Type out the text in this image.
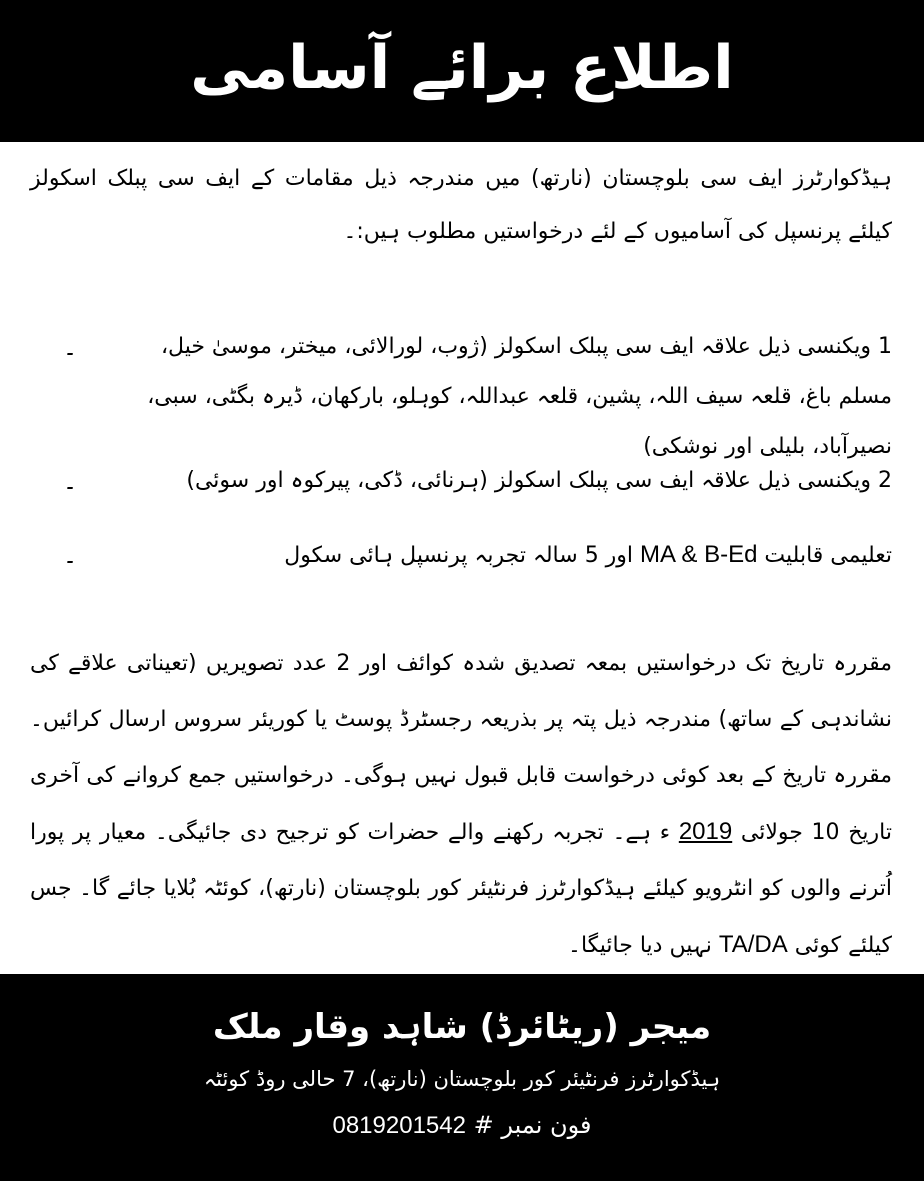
اطلاع برائے آسامی
ہیڈکوارٹرز ایف سی بلوچستان (نارتھ) میں مندرجہ ذیل مقامات کے ایف سی پبلک اسکولز کیلئے پرنسپل کی آسامیوں کے لئے درخواستیں مطلوب ہیں:۔
1 ویکنسی ذیل علاقہ ایف سی پبلک اسکولز (ژوب، لورالائی، میختر، موسیٰ خیل، مسلم باغ، قلعہ سیف اللہ، پشین، قلعہ عبداللہ، کوہلو، بارکھان، ڈیرہ بگٹی، سبی، نصیرآباد، بلیلی اور نوشکی)
۔
2 ویکنسی ذیل علاقہ ایف سی پبلک اسکولز (ہرنائی، ڈکی، پیرکوہ اور سوئی)
۔
تعلیمی قابلیت MA & B-Ed اور 5 سالہ تجربہ پرنسپل ہائی سکول
۔
مقررہ تاریخ تک درخواستیں بمعہ تصدیق شدہ کوائف اور 2 عدد تصویریں (تعیناتی علاقے کی نشاندہی کے ساتھ) مندرجہ ذیل پتہ پر بذریعہ رجسٹرڈ پوسٹ یا کوریئر سروس ارسال کرائیں۔ مقررہ تاریخ کے بعد کوئی درخواست قابل قبول نہیں ہوگی۔ درخواستیں جمع کروانے کی آخری تاریخ 10 جولائی 2019 ء ہے۔ تجربہ رکھنے والے حضرات کو ترجیح دی جائیگی۔ معیار پر پورا اُترنے والوں کو انٹرویو کیلئے ہیڈکوارٹرز فرنٹیئر کور بلوچستان (نارتھ)، کوئٹہ بُلایا جائے گا۔ جس کیلئے کوئی TA/DA نہیں دیا جائیگا۔
میجر (ریٹائرڈ) شاہد وقار ملک
ہیڈکوارٹرز فرنٹیئر کور بلوچستان (نارتھ)، 7 حالی روڈ کوئٹہ
فون نمبر # 0819201542
